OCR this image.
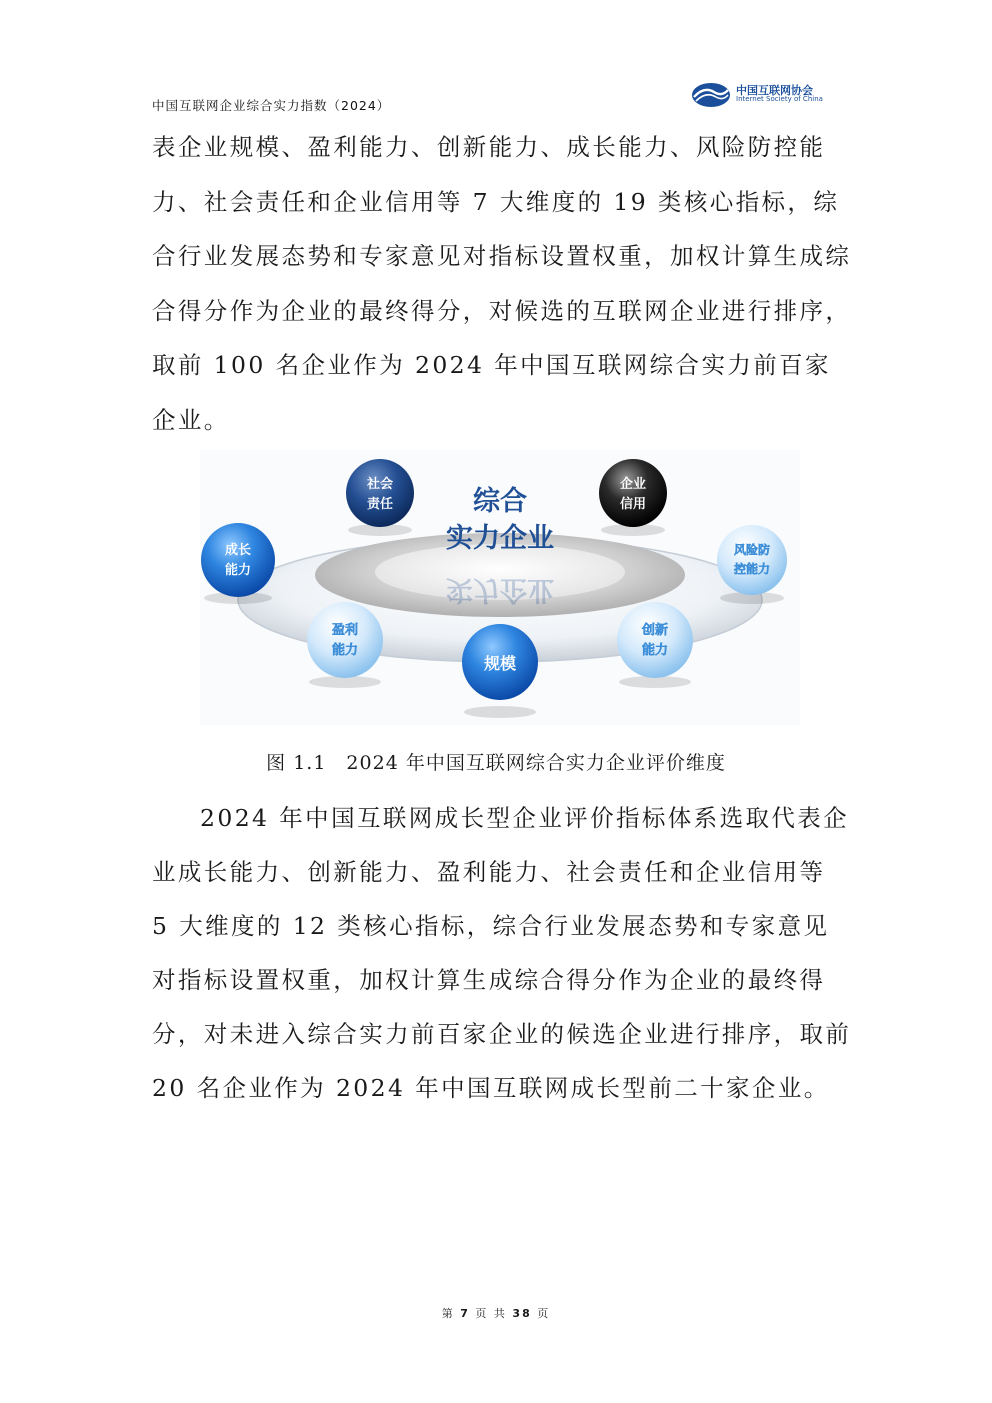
中国互联网企业综合实力指数（2024）
中国互联网协会
Internet Society of China

表企业规模、盈利能力、创新能力、成长能力、风险防控能力、社会责任和企业信用等 7 大维度的 19 类核心指标，综合行业发展态势和专家意见对指标设置权重，加权计算生成综合得分作为企业的最终得分，对候选的互联网企业进行排序，取前 100 名企业作为 2024 年中国互联网综合实力前百家企业。

综合
实力企业
实力企业
社会
责任
企业
信用
成长
能力
风险防
控能力
盈利
能力
规模
创新
能力
图 1.1　2024 年中国互联网综合实力企业评价维度

2024 年中国互联网成长型企业评价指标体系选取代表企业成长能力、创新能力、盈利能力、社会责任和企业信用等 5 大维度的 12 类核心指标，综合行业发展态势和专家意见对指标设置权重，加权计算生成综合得分作为企业的最终得分，对未进入综合实力前百家企业的候选企业进行排序，取前 20 名企业作为 2024 年中国互联网成长型前二十家企业。

第 7 页 共 38 页
